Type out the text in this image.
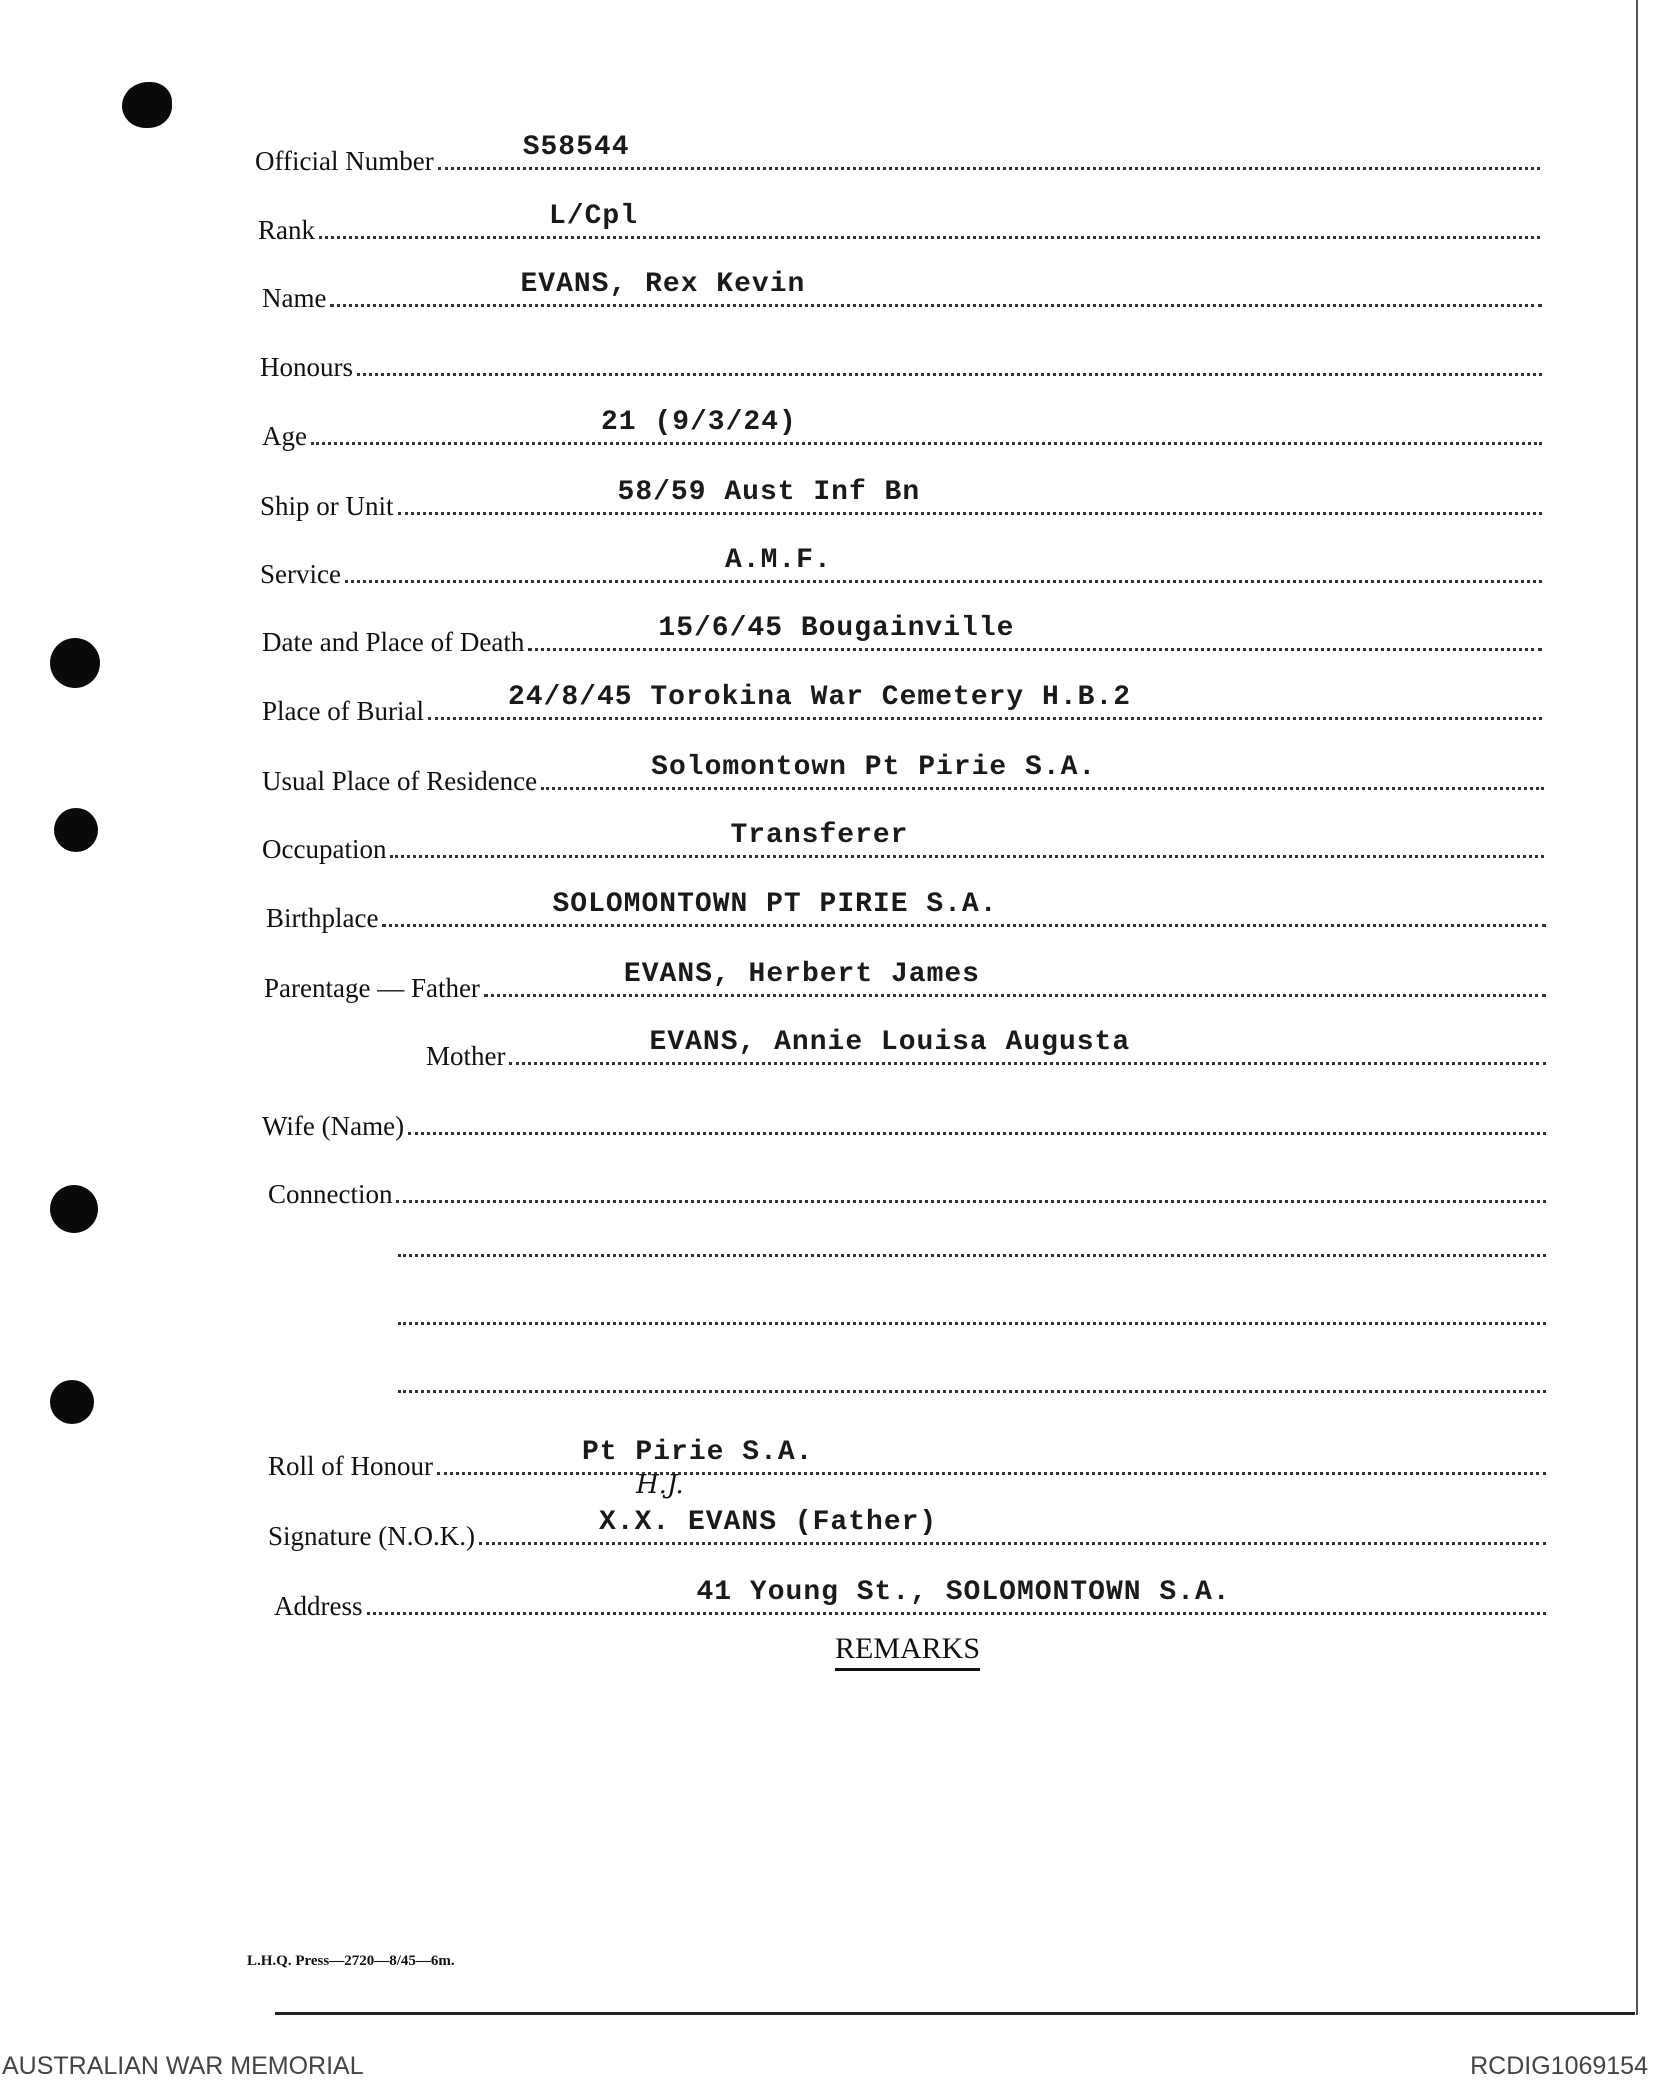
Official Number	S58544
Rank	L/Cpl
Name	EVANS, Rex Kevin
Honours
Age	21 (9/3/24)
Ship or Unit	58/59 Aust Inf Bn
Service	A.M.F.
Date and Place of Death	15/6/45 Bougainville
Place of Burial	24/8/45 Torokina War Cemetery H.B.2
Usual Place of Residence	Solomontown Pt Pirie S.A.
Occupation	Transferer
Birthplace	SOLOMONTOWN PT PIRIE S.A.
Parentage — Father	EVANS, Herbert James
Mother	EVANS, Annie Louisa Augusta
Wife (Name)
Connection
Roll of Honour	Pt Pirie S.A.
H.J.
Signature (N.O.K.)	X.X. EVANS (Father)
Address	41 Young St., SOLOMONTOWN S.A.
REMARKS
L.H.Q. Press—2720—8/45—6m.
AUSTRALIAN WAR MEMORIAL	RCDIG1069154
